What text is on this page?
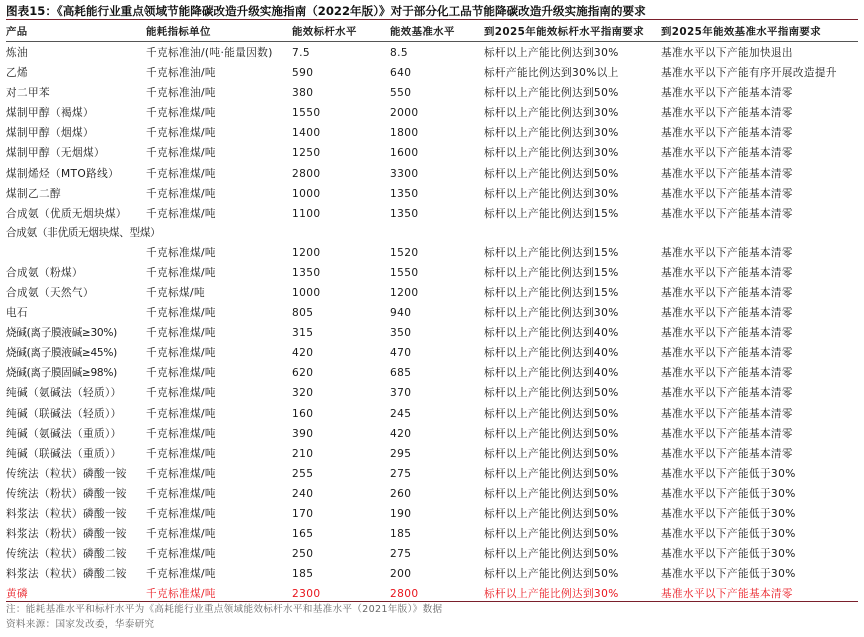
图表15：《高耗能行业重点领域节能降碳改造升级实施指南（2022年版）》对于部分化工品节能降碳改造升级实施指南的要求
产品	能耗指标单位	能效标杆水平	能效基准水平	到2025年能效标杆水平指南要求 到2025年能效基准水平指南要求
炼油	千克标准油/(吨·能量因数) 7.5	8.5	标杆以上产能比例达到30%	基准水平以下产能加快退出
乙烯	千克标准油/吨	590	640	标杆产能比例达到30%以上	基准水平以下产能有序开展改造提升
对二甲苯	千克标准油/吨	380	550	标杆以上产能比例达到50%	基准水平以下产能基本清零
煤制甲醇（褐煤）	千克标准煤/吨	1550	2000	标杆以上产能比例达到30%	基准水平以下产能基本清零
煤制甲醇（烟煤）	千克标准煤/吨	1400	1800	标杆以上产能比例达到30%	基准水平以下产能基本清零
煤制甲醇（无烟煤）	千克标准煤/吨	1250	1600	标杆以上产能比例达到30%	基准水平以下产能基本清零
煤制烯烃（MTO路线）	千克标准煤/吨	2800	3300	标杆以上产能比例达到50%	基准水平以下产能基本清零
煤制乙二醇	千克标准煤/吨	1000	1350	标杆以上产能比例达到30%	基准水平以下产能基本清零
合成氨（优质无烟块煤） 千克标准煤/吨	1100	1350	标杆以上产能比例达到15%	基准水平以下产能基本清零
合成氨（非优质无烟块煤、型煤）
千克标准煤/吨	1200	1520	标杆以上产能比例达到15%	基准水平以下产能基本清零
合成氨（粉煤）	千克标准煤/吨	1350	1550	标杆以上产能比例达到15%	基准水平以下产能基本清零
合成氨（天然气）	千克标煤/吨	1000	1200	标杆以上产能比例达到15%	基准水平以下产能基本清零
电石	千克标准煤/吨	805	940	标杆以上产能比例达到30%	基准水平以下产能基本清零
烧碱(离子膜液碱≥30%)	千克标准煤/吨	315	350	标杆以上产能比例达到40%	基准水平以下产能基本清零
烧碱(离子膜液碱≥45%)	千克标准煤/吨	420	470	标杆以上产能比例达到40%	基准水平以下产能基本清零
烧碱(离子膜固碱≥98%)	千克标准煤/吨	620	685	标杆以上产能比例达到40%	基准水平以下产能基本清零
纯碱（氨碱法（轻质）） 千克标准煤/吨	320	370	标杆以上产能比例达到50%	基准水平以下产能基本清零
纯碱（联碱法（轻质）） 千克标准煤/吨	160	245	标杆以上产能比例达到50%	基准水平以下产能基本清零
纯碱（氨碱法（重质）） 千克标准煤/吨	390	420	标杆以上产能比例达到50%	基准水平以下产能基本清零
纯碱（联碱法（重质）） 千克标准煤/吨	210	295	标杆以上产能比例达到50%	基准水平以下产能基本清零
传统法（粒状）磷酸一铵 千克标准煤/吨	255	275	标杆以上产能比例达到50%	基准水平以下产能低于30%
传统法（粉状）磷酸一铵 千克标准煤/吨	240	260	标杆以上产能比例达到50%	基准水平以下产能低于30%
料浆法（粒状）磷酸一铵 千克标准煤/吨	170	190	标杆以上产能比例达到50%	基准水平以下产能低于30%
料浆法（粉状）磷酸一铵 千克标准煤/吨	165	185	标杆以上产能比例达到50%	基准水平以下产能低于30%
传统法（粒状）磷酸二铵 千克标准煤/吨	250	275	标杆以上产能比例达到50%	基准水平以下产能低于30%
料浆法（粒状）磷酸二铵 千克标准煤/吨	185	200	标杆以上产能比例达到50%	基准水平以下产能低于30%
黄磷	千克标准煤/吨	2300	2800	标杆以上产能比例达到30%	基准水平以下产能基本清零
注：能耗基准水平和标杆水平为《高耗能行业重点领域能效标杆水平和基准水平（2021年版）》数据
资料来源：国家发改委，华泰研究
